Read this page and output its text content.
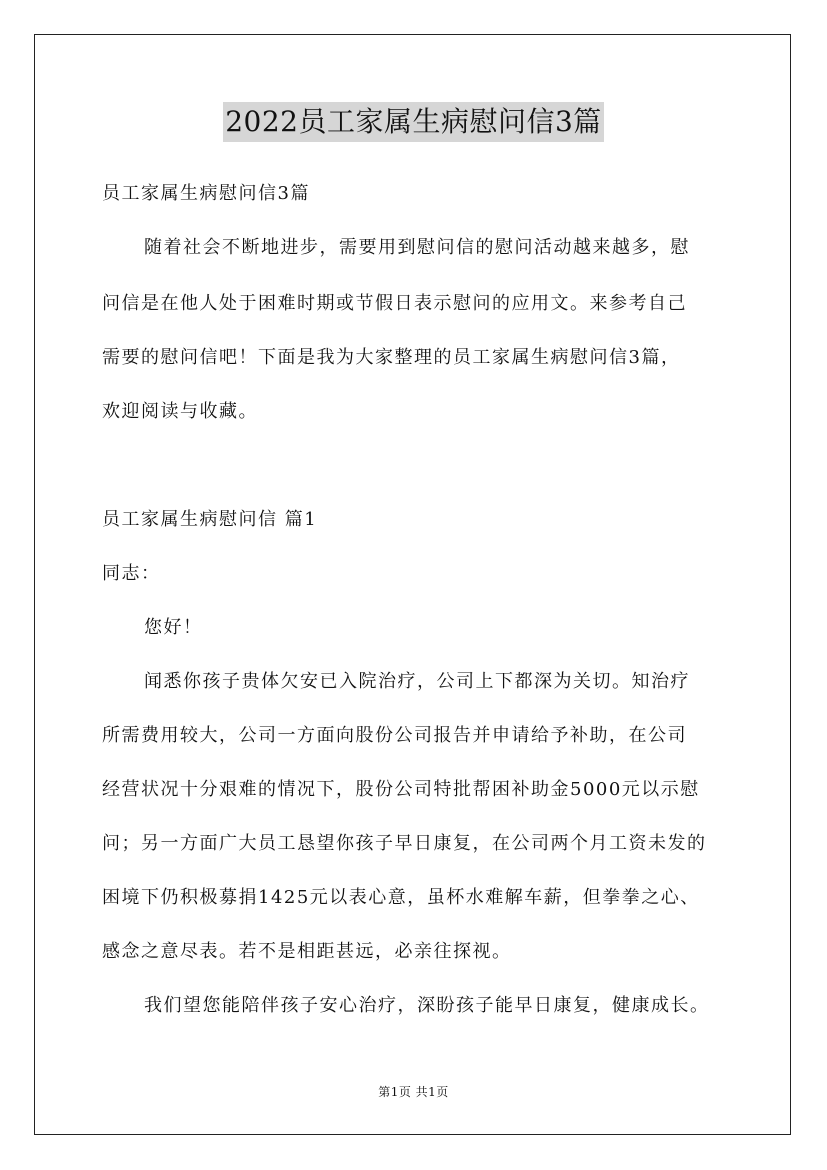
2022员工家属生病慰问信3篇
员工家属生病慰问信3篇
随着社会不断地进步，需要用到慰问信的慰问活动越来越多，慰
问信是在他人处于困难时期或节假日表示慰问的应用文。来参考自己
需要的慰问信吧！下面是我为大家整理的员工家属生病慰问信3篇，
欢迎阅读与收藏。
员工家属生病慰问信 篇1
同志：
您好！
闻悉你孩子贵体欠安已入院治疗，公司上下都深为关切。知治疗
所需费用较大，公司一方面向股份公司报告并申请给予补助，在公司
经营状况十分艰难的情况下，股份公司特批帮困补助金5000元以示慰
问；另一方面广大员工恳望你孩子早日康复，在公司两个月工资未发的
困境下仍积极募捐1425元以表心意，虽杯水难解车薪，但拳拳之心、
感念之意尽表。若不是相距甚远，必亲往探视。
我们望您能陪伴孩子安心治疗，深盼孩子能早日康复，健康成长。
第1页 共1页
